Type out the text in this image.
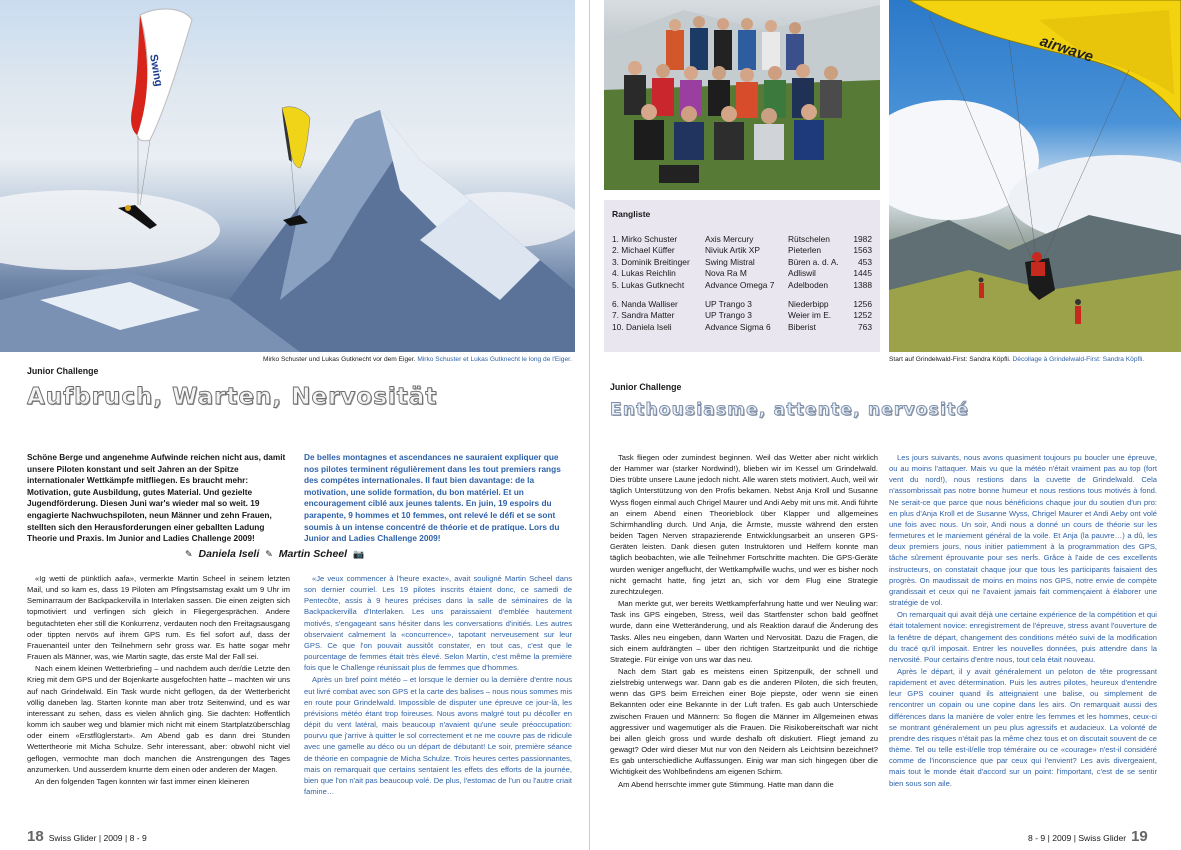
Swing
airwave
Rangliste
1. Mirko Schuster	Axis Mercury	Rütschelen	1982
2. Michael Küffer	Niviuk Artik XP	Pieterlen	1563
3. Dominik Breitinger	Swing Mistral	Büren a. d. A.	453
4. Lukas Reichlin	Nova Ra M	Adliswil	1445
5. Lukas Gutknecht	Advance Omega 7	Adelboden	1388
6. Nanda Walliser	UP Trango 3	Niederbipp	1256
7. Sandra Matter	UP Trango 3	Weier im E.	1252
10. Daniela Iseli	Advance Sigma 6	Biberist	763
Mirko Schuster und Lukas Gutknecht vor dem Eiger. Mirko Schuster et Lukas Gutknecht le long de l'Eiger.	Start auf Grindelwald-First: Sandra Köpfli. Décollage à Grindelwald-First: Sandra Köpfli.
Junior Challenge
Aufbruch, Warten, Nervosität	Junior Challenge
Enthousiasme, attente, nervosité
Schöne Berge und angenehme Aufwinde reichen nicht aus, damit unsere Piloten konstant und seit Jahren an der Spitze internationaler Wettkämpfe mitfliegen. Es braucht mehr: Motivation, gute Ausbildung, gutes Material. Und gezielte Jugendförderung. Diesen Juni war's wieder mal so weit. 19 engagierte Nachwuchspiloten, neun Männer und zehn Frauen, stellten sich den Herausforderungen einer geballten Ladung Theorie und Praxis. Im Junior and Ladies Challenge 2009!
De belles montagnes et ascendances ne sauraient expliquer que nos pilotes terminent régulièrement dans les tout premiers rangs des compétes internationales. Il faut bien davantage: de la motivation, une solide formation, du bon matériel. Et un encouragement ciblé aux jeunes talents. En juin, 19 espoirs du parapente, 9 hommes et 10 femmes, ont relevé le défi et se sont soumis à un intense concentré de théorie et de pratique. Lors du Junior and Ladies Challenge 2009!
✎ Daniela Iseli ✎ Martin Scheel 📷

«Ig wetti de pünktlich aafa», vermerkte Martin Scheel in seinem letzten Mail, und so kam es, dass 19 Piloten am Pfingstsamstag exakt um 9 Uhr im Seminarraum der Backpackervilla in Interlaken sassen. Die einen zeigten sich topmotiviert und verfingen sich gleich in Fliegergesprächen. Andere begutachteten eher still die Konkurrenz, verdauten noch den Freitagsausgang oder tippten nervös auf ihrem GPS rum. Es fiel sofort auf, dass der Frauenanteil unter den Teilnehmern sehr gross war. Es hatte sogar mehr Frauen als Männer, was, wie Martin sagte, das erste Mal der Fall sei.

Nach einem kleinen Wetterbriefing – und nachdem auch der/die Letzte den Krieg mit dem GPS und der Bojenkarte ausgefochten hatte – machten wir uns auf nach Grindelwald. Ein Task wurde nicht geflogen, da der Wetterbericht völlig daneben lag. Starten konnte man aber trotz Seitenwind, und es war interessant zu sehen, dass es vielen ähnlich ging. Sie dachten: Hoffentlich komm ich sauber weg und blamier mich nicht mit einem Startplatzüberschlag oder einem «Erstflüglerstart». Am Abend gab es dann drei Stunden Wettertheorie mit Micha Schulze. Sehr interessant, aber: obwohl nicht viel geflogen, vermochte man doch manchen die Anstrengungen des Tages anzumerken. Und ausserdem knurrte dem einen oder anderen der Magen.

An den folgenden Tagen konnten wir fast immer einen kleineren

«Je veux commencer à l'heure exacte», avait souligné Martin Scheel dans son dernier courriel. Les 19 pilotes inscrits étaient donc, ce samedi de Pentecôte, assis à 9 heures précises dans la salle de séminaires de la Backpackervilla d'Interlaken. Les uns paraissaient d'emblée hautement motivés, s'engageant sans hésiter dans les conversations d'initiés. Les autres observaient calmement la «concurrence», tapotant nerveusement sur leur GPS. Ce que l'on pouvait aussitôt constater, en tout cas, c'est que le pourcentage de femmes était très élevé. Selon Martin, c'est même la première fois que le Challenge réunissait plus de femmes que d'hommes.

Après un bref point météo – et lorsque le dernier ou la dernière d'entre nous eut livré combat avec son GPS et la carte des balises – nous nous sommes mis en route pour Grindelwald. Impossible de disputer une épreuve ce jour-là, les prévisions météo étant trop foireuses. Nous avons malgré tout pu décoller en dépit du vent latéral, mais beaucoup n'avaient qu'une seule préoccupation: pourvu que j'arrive à quitter le sol correctement et ne me couvre pas de ridicule avec une gamelle au déco ou un départ de débutant! Le soir, première séance de théorie en compagnie de Micha Schulze. Trois heures certes passionnantes, mais on remarquait que certains sentaient les effets des efforts de la journée, bien que l'on n'ait pas beaucoup volé. De plus, l'estomac de l'un ou l'autre criait famine…

Task fliegen oder zumindest beginnen. Weil das Wetter aber nicht wirklich der Hammer war (starker Nordwind!), blieben wir im Kessel um Grindelwald. Dies trübte unsere Laune jedoch nicht. Alle waren stets motiviert. Auch, weil wir täglich Unterstützung von den Profis bekamen. Nebst Anja Kroll und Susanne Wyss flogen einmal auch Chrigel Maurer und Andi Aeby mit uns mit. Andi führte an einem Abend einen Theorieblock über Klapper und allgemeines Schirmhandling durch. Und Anja, die Ärmste, musste während den ersten beiden Tagen Nerven strapazierende Entwicklungsarbeit an unseren GPS-Geräten leisten. Dank diesen guten Instruktoren und Helfern konnte man täglich beobachten, wie alle Teilnehmer Fortschritte machten. Die GPS-Geräte wurden weniger angeflucht, der Wettkampfwille wuchs, und wer es bisher noch nicht gemacht hatte, fing jetzt an, sich vor dem Flug eine Strategie zurechtzulegen.

Man merkte gut, wer bereits Wettkampferfahrung hatte und wer Neuling war: Task ins GPS eingeben, Stress, weil das Startfenster schon bald geöffnet wurde, dann eine Wetteränderung, und als Reaktion darauf die Änderung des Tasks. Alles neu eingeben, dann Warten und Nervosität. Dazu die Fragen, die sich einem aufdrängten – über den richtigen Startzeitpunkt und die richtige Strategie. Für einige von uns war das neu.

Nach dem Start gab es meistens einen Spitzenpulk, der schnell und zielstrebig unterwegs war. Dann gab es die anderen Piloten, die sich freuten, wenn das GPS beim Erreichen einer Boje piepste, oder wenn sie einen Bekannten oder eine Bekannte in der Luft trafen. Es gab auch Unterschiede zwischen Frauen und Männern: So flogen die Männer im Allgemeinen etwas aggressiver und wagemutiger als die Frauen. Die Risikobereitschaft war nicht bei allen gleich gross und wurde deshalb oft diskutiert. Fliegt jemand zu gewagt? Oder wird dieser Mut nur von den Neidern als Leichtsinn bezeichnet? Es gab unterschiedliche Auffassungen. Einig war man sich hingegen über die Wichtigkeit des Wohlbefindens am eigenen Schirm.

Am Abend herrschte immer gute Stimmung. Hatte man dann die

Les jours suivants, nous avons quasiment toujours pu boucler une épreuve, ou au moins l'attaquer. Mais vu que la météo n'était vraiment pas au top (fort vent du nord!), nous restions dans la cuvette de Grindelwald. Cela n'assombrissait pas notre bonne humeur et nous restions tous motivés à fond. Ne serait-ce que parce que nous bénéficions chaque jour du soutien d'un pro: en plus d'Anja Kroll et de Susanne Wyss, Chrigel Maurer et Andi Aeby ont volé une fois avec nous. Un soir, Andi nous a donné un cours de théorie sur les fermetures et le maniement général de la voile. Et Anja (la pauvre…) a dû, les deux premiers jours, nous initier patiemment à la programmation des GPS, tâche sûrement éprouvante pour ses nerfs. Grâce à l'aide de ces excellents instructeurs, on constatait chaque jour que tous les participants faisaient des progrès. On maudissait de moins en moins nos GPS, notre envie de compète grandissait et ceux qui ne l'avaient jamais fait commençaient à élaborer une stratégie de vol.

On remarquait qui avait déjà une certaine expérience de la compétition et qui était totalement novice: enregistrement de l'épreuve, stress avant l'ouverture de la fenêtre de départ, changement des conditions météo suivi de la modification du tracé qu'il imposait. Entrer les nouvelles données, puis attendre dans la nervosité. Pour certains d'entre nous, tout cela était nouveau.

Après le départ, il y avait généralement un peloton de tête progressant rapidement et avec détermination. Puis les autres pilotes, heureux d'entendre leur GPS couiner quand ils atteignaient une balise, ou simplement de rencontrer un copain ou une copine dans les airs. On remarquait aussi des différences dans la manière de voler entre les femmes et les hommes, ceux-ci se montrant généralement un peu plus agressifs et audacieux. La volonté de prendre des risques n'était pas la même chez tous et on discutait souvent de ce thème. Tel ou telle est-il/elle trop téméraire ou ce «courage» n'est-il considéré comme de l'inconscience que par ceux qui l'envient? Les avis divergeaient, mais tout le monde était d'accord sur un point: l'important, c'est de se sentir bien sous son aile.

18 Swiss Glider | 2009 | 8 - 9	8 - 9 | 2009 | Swiss Glider 19
